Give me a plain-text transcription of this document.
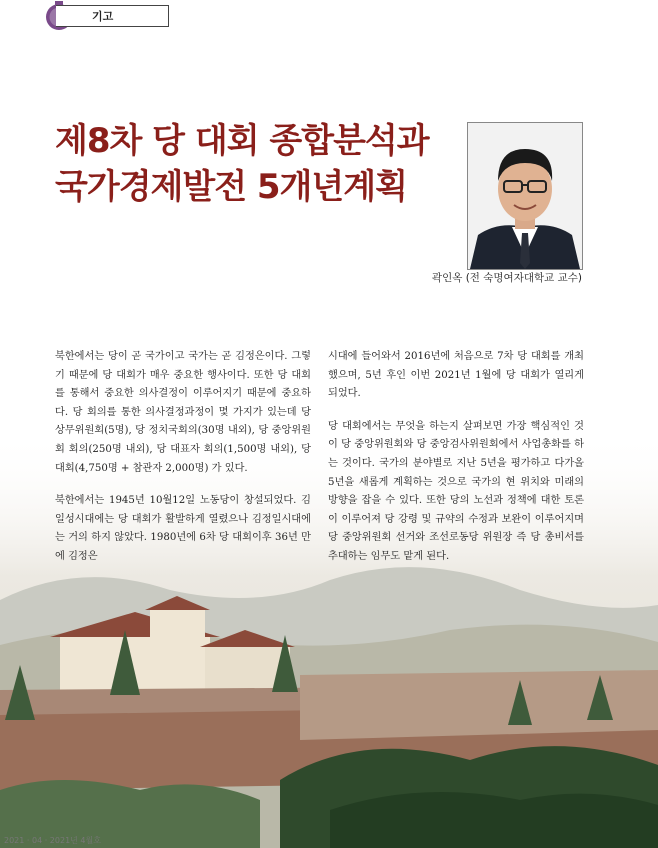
기고
제8차 당 대회 종합분석과
국가경제발전 5개년계획
곽인옥 (전 숙명여자대학교 교수)

북한에서는 당이 곧 국가이고 국가는 곧 김정은이다. 그렇기 때문에 당 대회가 매우 중요한 행사이다. 또한 당 대회를 통해서 중요한 의사결정이 이루어지기 때문에 중요하다. 당 회의를 통한 의사결정과정이 몇 가지가 있는데 당 상무위원회(5명), 당 정치국회의(30명 내외), 당 중앙위원회 회의(250명 내외), 당 대표자 회의(1,500명 내외), 당 대회(4,750명 + 참관자 2,000명) 가 있다.

북한에서는 1945년 10월12일 노동당이 창설되었다. 김일성시대에는 당 대회가 활발하게 열렸으나 김정일시대에는 거의 하지 않았다. 1980년에 6차 당 대회이후 36년 만에 김정은

시대에 들어와서 2016년에 처음으로 7차 당 대회를 개최했으며, 5년 후인 이번 2021년 1월에 당 대회가 열리게 되었다.

당 대회에서는 무엇을 하는지 살펴보면 가장 핵심적인 것이 당 중앙위원회와 당 중앙검사위원회에서 사업총화를 하는 것이다. 국가의 분야별로 지난 5년을 평가하고 다가올 5년을 새롭게 계획하는 것으로 국가의 현 위치와 미래의 방향을 잡을 수 있다. 또한 당의 노선과 정책에 대한 토론이 이루어져 당 강령 및 규약의 수정과 보완이 이루어지며 당 중앙위원회 선거와 조선로동당 위원장 즉 당 총비서를 추대하는 임무도 맡게 된다.

2021 · 04 · 2021년 4월호
